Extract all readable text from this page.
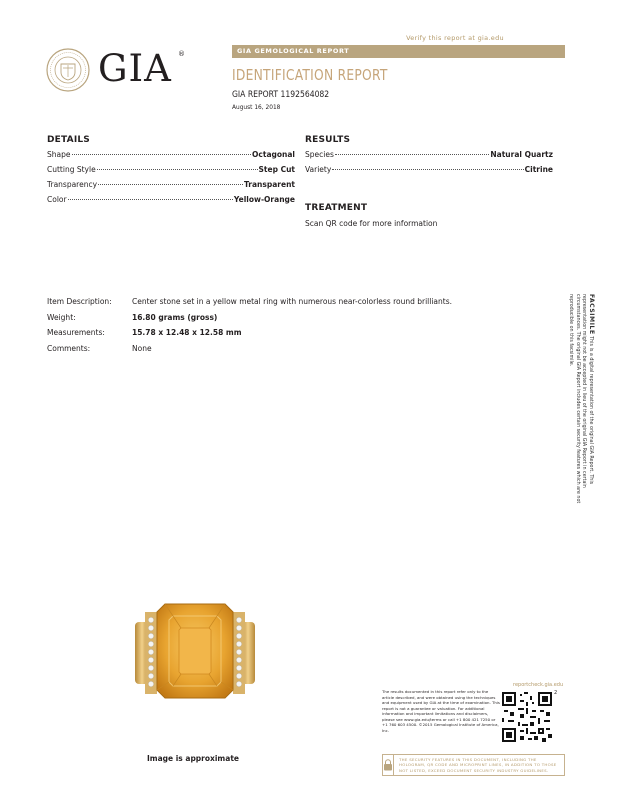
Verify this report at gia.edu
GIA ®	GIA GEMOLOGICAL REPORT
IDENTIFICATION REPORT
GIA REPORT 1192564082
August 16, 2018
DETAILS
Shape	Octagonal
Cutting Style	Step Cut
Transparency	Transparent
Color	Yellow-Orange
RESULTS
Species	Natural Quartz
Variety	Citrine
TREATMENT
Scan QR code for more information
Item Description:	Center stone set in a yellow metal ring with numerous near-colorless round brilliants.
Weight:	16.80 grams (gross)
Measurements:	15.78 x 12.48 x 12.58 mm
Comments:	None
FACSIMILE This is a digital representation of the original GIA Report. This representation might not be accepted in lieu of the original GIA Report in certain circumstances. The original GIA Report includes certain security features which are not reproducible on this facsimile.
Image is approximate
reportcheck.gia.edu
The results documented in this report refer only to the article described, and were obtained using the techniques and equipment used by GIA at the time of examination. This report is not a guarantee or valuation. For additional information and important limitations and disclaimers, please see www.gia.edu/terms or call +1 800 421 7250 or +1 760 603 4500. ©2015 Gemological Institute of America, Inc.
2
THE SECURITY FEATURES IN THIS DOCUMENT, INCLUDING THE HOLOGRAM, QR CODE AND MICROPRINT LINES, IN ADDITION TO THOSE NOT LISTED, EXCEED DOCUMENT SECURITY INDUSTRY GUIDELINES.
